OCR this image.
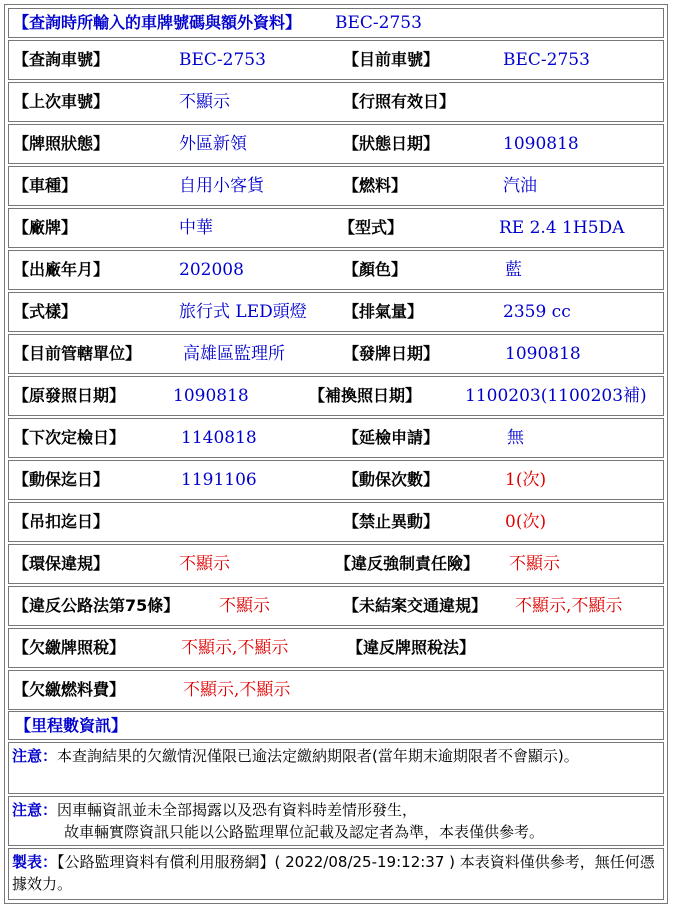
【查詢時所輸入的車牌號碼與額外資料】 BEC-2753
【查詢車號】	BEC-2753	【目前車號】	BEC-2753
【上次車號】	不顯示	【行照有效日】
【牌照狀態】	外區新領	【狀態日期】	1090818
【車種】	自用小客貨	【燃料】	汽油
【廠牌】	中華	【型式】	RE 2.4 1H5DA
【出廠年月】	202008	【顏色】	藍
【式樣】	旅行式 LED頭燈 【排氣量】	2359 cc
【目前管轄單位】 高雄區監理所	【發牌日期】	1090818
【原發照日期】	1090818	【補換照日期】	1100203(1100203補)
【下次定檢日】	1140818	【延檢申請】	無
【動保迄日】	1191106	【動保次數】	1(次)
【吊扣迄日】	【禁止異動】	0(次)
【環保違規】	不顯示	【違反強制責任險】 不顯示
【違反公路法第75條】 不顯示	【未結案交通違規】 不顯示,不顯示
【欠繳牌照稅】	不顯示,不顯示	【違反牌照稅法】
【欠繳燃料費】	不顯示,不顯示
【里程數資訊】
注意：本查詢結果的欠繳情況僅限已逾法定繳納期限者(當年期末逾期限者不會顯示)。
注意：因車輛資訊並未全部揭露以及恐有資料時差情形發生，
故車輛實際資訊只能以公路監理單位記載及認定者為準，本表僅供參考。
製表：【公路監理資料有償利用服務網】( 2022/08/25-19:12:37 ) 本表資料僅供參考，無任何憑據效力。
